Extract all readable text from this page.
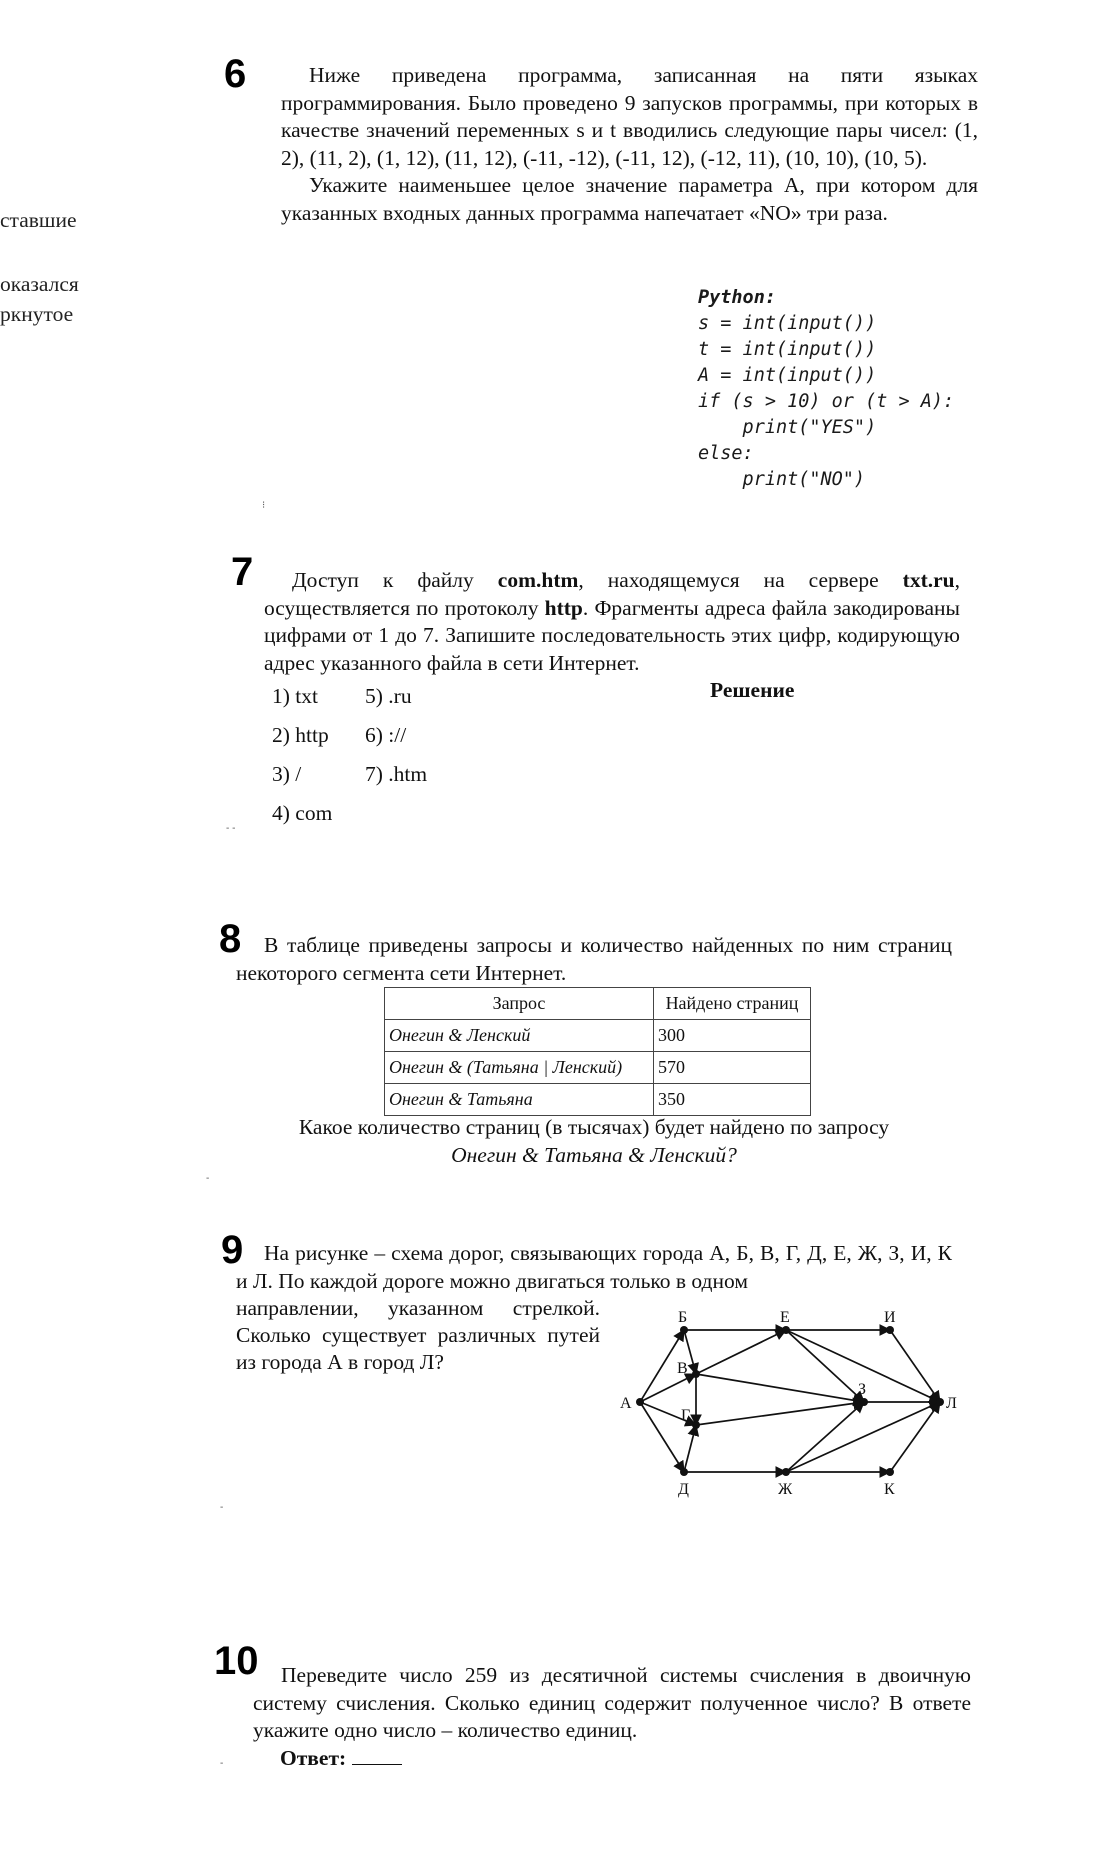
ставшие
оказался
ркнутое
6	Ниже приведена программа, записанная на пяти языках программирования. Было проведено 9 запусков программы, при которых в качестве значений переменных s и t вводились следующие пары чисел: (1, 2), (11, 2), (1, 12), (11, 12), (-11, -12), (-11, 12), (-12, 11), (10, 10), (10, 5).

Укажите наименьшее целое значение параметра A, при котором для указанных входных данных программа напечатает «NO» три раза.

Python:
s = int(input())
t = int(input())
A = int(input())
if (s > 10) or (t > A):
print("YES")
else:
print("NO")
⁝
7	Доступ к файлу com.htm, находящемуся на сервере txt.ru, осуществляется по протоколу http. Фрагменты адреса файла закодированы цифрами от 1 до 7. Запишите последовательность этих цифр, кодирующую адрес указанного файла в сети Интернет.

1) txt
2) http
3) /
4) com
5) .ru
6) ://
7) .htm
Решение
- -
8	В таблице приведены запросы и количество найденных по ним страниц некоторого сегмента сети Интернет.

Запрос	Найдено страниц
Онегин & Ленский	300
Онегин & (Татьяна | Ленский)	570
Онегин & Татьяна	350
Какое количество страниц (в тысячах) будет найдено по запросу
Онегин & Татьяна & Ленский?
-
9 На рисунке – схема дорог, связывающих города А, Б, В, Г, Д, Е, Ж, З, И, К и Л. По каждой дороге можно двигаться только в одном

направлении, указанном стрелкой. Сколько существует различных путей из города А в город Л?

А
Б
В
Г
Д
Е
Ж
З
И
К
Л
-
10	Переведите число 259 из десятичной системы счисления в двоичную систему счисления. Сколько единиц содержит полученное число? В ответе укажите одно число – количество единиц.

Ответ:
-
